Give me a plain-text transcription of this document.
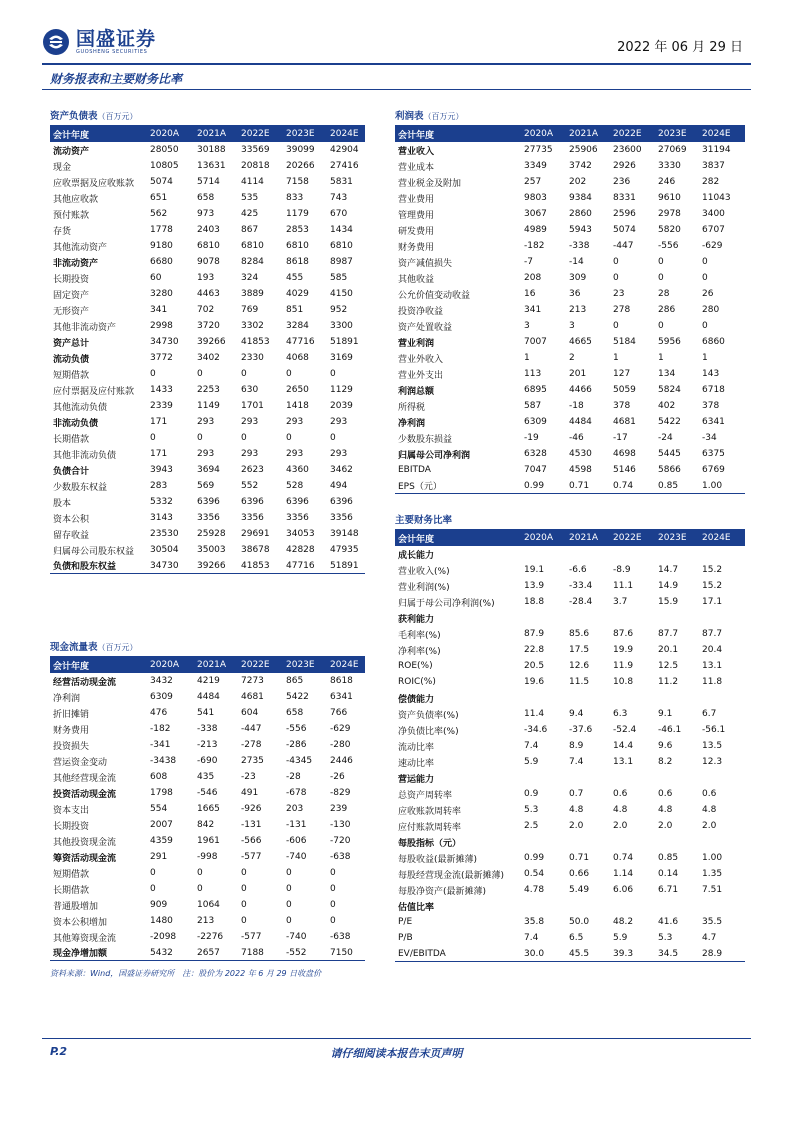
国盛证券
GUOSHENG SECURITIES	2022 年 06 月 29 日
财务报表和主要财务比率
资产负债表（百万元）
会计年度	2020A	2021A	2022E	2023E	2024E
流动资产	28050	30188	33569	39099	42904
现金	10805	13631	20818	20266	27416
应收票据及应收账款	5074	5714	4114	7158	5831
其他应收款	651	658	535	833	743
预付账款	562	973	425	1179	670
存货	1778	2403	867	2853	1434
其他流动资产	9180	6810	6810	6810	6810
非流动资产	6680	9078	8284	8618	8987
长期投资	60	193	324	455	585
固定资产	3280	4463	3889	4029	4150
无形资产	341	702	769	851	952
其他非流动资产	2998	3720	3302	3284	3300
资产总计	34730	39266	41853	47716	51891
流动负债	3772	3402	2330	4068	3169
短期借款	0	0	0	0	0
应付票据及应付账款	1433	2253	630	2650	1129
其他流动负债	2339	1149	1701	1418	2039
非流动负债	171	293	293	293	293
长期借款	0	0	0	0	0
其他非流动负债	171	293	293	293	293
负债合计	3943	3694	2623	4360	3462
少数股东权益	283	569	552	528	494
股本	5332	6396	6396	6396	6396
资本公积	3143	3356	3356	3356	3356
留存收益	23530	25928	29691	34053	39148
归属母公司股东权益	30504	35003	38678	42828	47935
负债和股东权益	34730	39266	41853	47716	51891
现金流量表（百万元）
会计年度	2020A	2021A	2022E	2023E	2024E
经营活动现金流	3432	4219	7273	865	8618
净利润	6309	4484	4681	5422	6341
折旧摊销	476	541	604	658	766
财务费用	-182	-338	-447	-556	-629
投资损失	-341	-213	-278	-286	-280
营运资金变动	-3438	-690	2735	-4345	2446
其他经营现金流	608	435	-23	-28	-26
投资活动现金流	1798	-546	491	-678	-829
资本支出	554	1665	-926	203	239
长期投资	2007	842	-131	-131	-130
其他投资现金流	4359	1961	-566	-606	-720
筹资活动现金流	291	-998	-577	-740	-638
短期借款	0	0	0	0	0
长期借款	0	0	0	0	0
普通股增加	909	1064	0	0	0
资本公积增加	1480	213	0	0	0
其他筹资现金流	-2098	-2276	-577	-740	-638
现金净增加额	5432	2657	7188	-552	7150
利润表（百万元）
会计年度	2020A	2021A	2022E	2023E	2024E
营业收入	27735	25906	23600	27069	31194
营业成本	3349	3742	2926	3330	3837
营业税金及附加	257	202	236	246	282
营业费用	9803	9384	8331	9610	11043
管理费用	3067	2860	2596	2978	3400
研发费用	4989	5943	5074	5820	6707
财务费用	-182	-338	-447	-556	-629
资产减值损失	-7	-14	0	0	0
其他收益	208	309	0	0	0
公允价值变动收益	16	36	23	28	26
投资净收益	341	213	278	286	280
资产处置收益	3	3	0	0	0
营业利润	7007	4665	5184	5956	6860
营业外收入	1	2	1	1	1
营业外支出	113	201	127	134	143
利润总额	6895	4466	5059	5824	6718
所得税	587	-18	378	402	378
净利润	6309	4484	4681	5422	6341
少数股东损益	-19	-46	-17	-24	-34
归属母公司净利润	6328	4530	4698	5445	6375
EBITDA	7047	4598	5146	5866	6769
EPS（元）	0.99	0.71	0.74	0.85	1.00
主要财务比率
会计年度	2020A	2021A	2022E	2023E	2024E
成长能力
营业收入(%)	19.1	-6.6	-8.9	14.7	15.2
营业利润(%)	13.9	-33.4	11.1	14.9	15.2
归属于母公司净利润(%)	18.8	-28.4	3.7	15.9	17.1
获利能力
毛利率(%)	87.9	85.6	87.6	87.7	87.7
净利率(%)	22.8	17.5	19.9	20.1	20.4
ROE(%)	20.5	12.6	11.9	12.5	13.1
ROIC(%)	19.6	11.5	10.8	11.2	11.8
偿债能力
资产负债率(%)	11.4	9.4	6.3	9.1	6.7
净负债比率(%)	-34.6	-37.6	-52.4	-46.1	-56.1
流动比率	7.4	8.9	14.4	9.6	13.5
速动比率	5.9	7.4	13.1	8.2	12.3
营运能力
总资产周转率	0.9	0.7	0.6	0.6	0.6
应收账款周转率	5.3	4.8	4.8	4.8	4.8
应付账款周转率	2.5	2.0	2.0	2.0	2.0
每股指标（元）
每股收益(最新摊薄)	0.99	0.71	0.74	0.85	1.00
每股经营现金流(最新摊薄)	0.54	0.66	1.14	0.14	1.35
每股净资产(最新摊薄)	4.78	5.49	6.06	6.71	7.51
估值比率
P/E	35.8	50.0	48.2	41.6	35.5
P/B	7.4	6.5	5.9	5.3	4.7
EV/EBITDA	30.0	45.5	39.3	34.5	28.9
资料来源：Wind，国盛证券研究所　注：股价为 2022 年 6 月 29 日收盘价
P.2	请仔细阅读本报告末页声明
